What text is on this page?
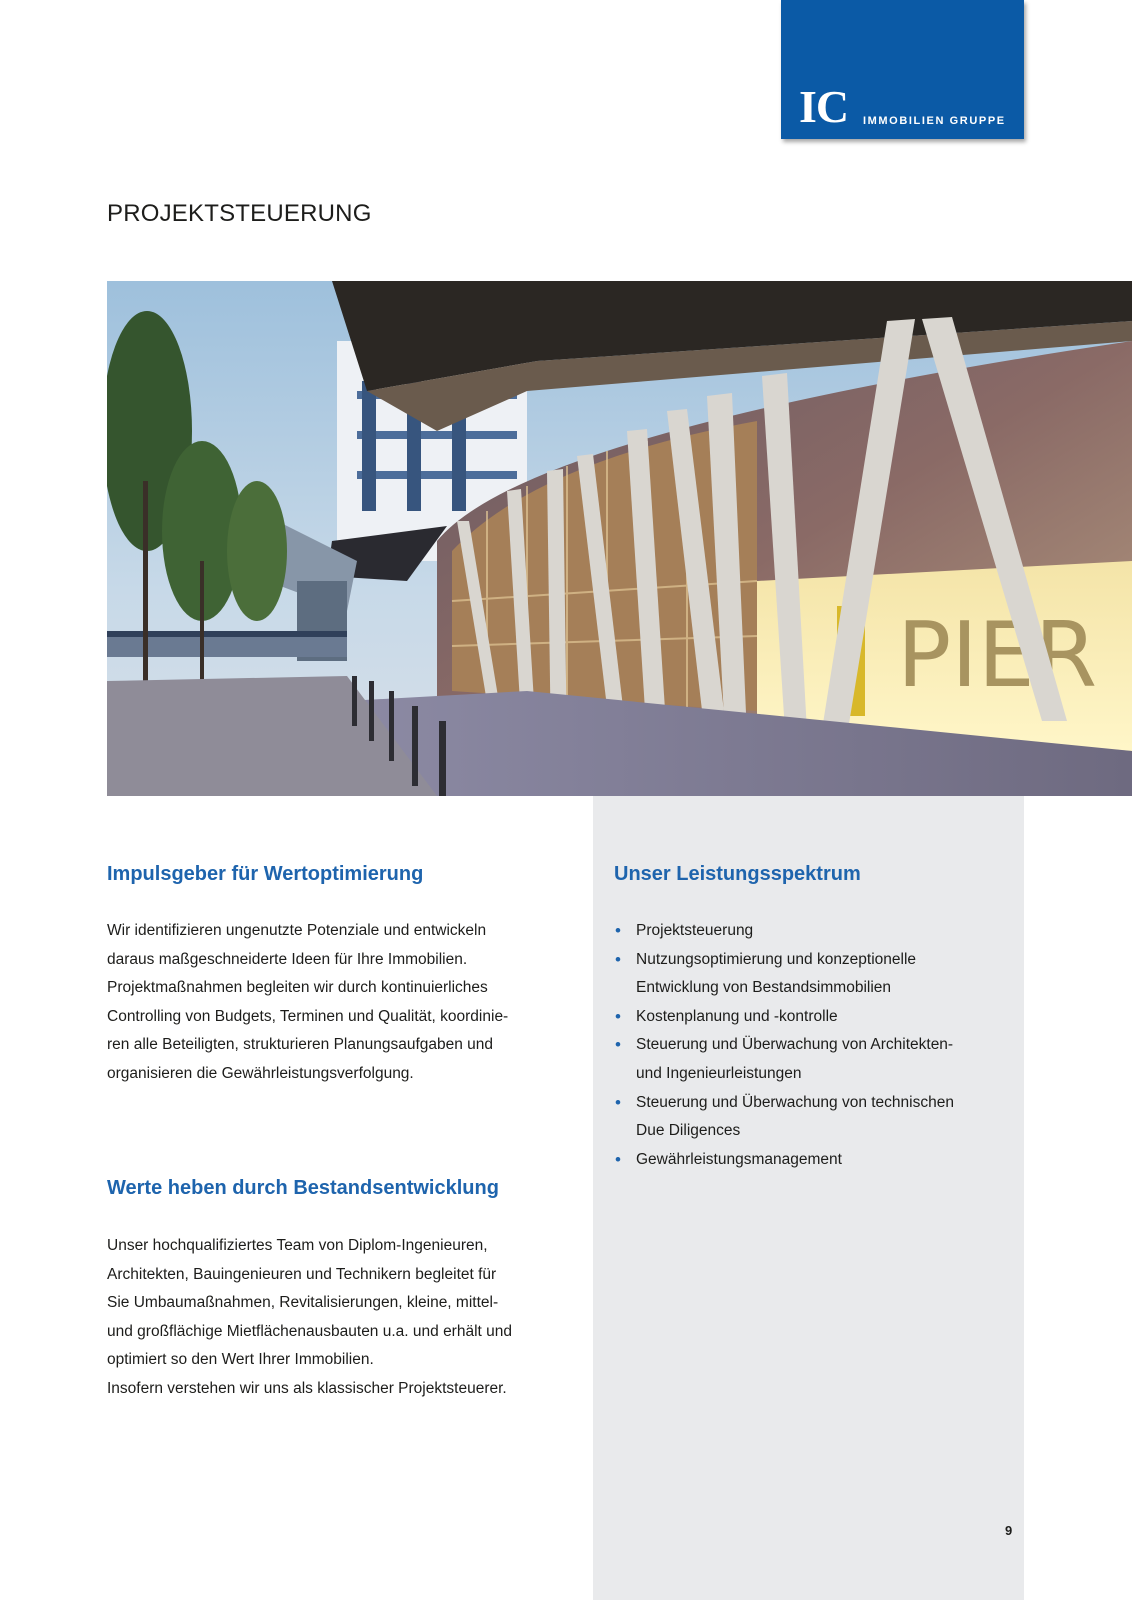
IC IMMOBILIEN GRUPPE
PROJEKTSTEUERUNG
PIER
Impulsgeber für Wertoptimierung
Wir identifizieren ungenutzte Potenziale und entwickeln
daraus maßgeschneiderte Ideen für Ihre Immobilien.
Projektmaßnahmen begleiten wir durch kontinuierliches
Controlling von Budgets, Terminen und Qualität, koordinie-
ren alle Beteiligten, strukturieren Planungsaufgaben und
organisieren die Gewährleistungsverfolgung.
Werte heben durch Bestandsentwicklung
Unser hochqualifiziertes Team von Diplom-Ingenieuren,
Architekten, Bauingenieuren und Technikern begleitet für
Sie Umbaumaßnahmen, Revitalisierungen, kleine, mittel-
und großflächige Mietflächenausbauten u.a. und erhält und
optimiert so den Wert Ihrer Immobilien.
Insofern verstehen wir uns als klassischer Projektsteuerer.
Unser Leistungsspektrum
• Projektsteuerung
• Nutzungsoptimierung und konzeptionelle
Entwicklung von Bestandsimmobilien
• Kostenplanung und -kontrolle
• Steuerung und Überwachung von Architekten-
und Ingenieurleistungen
• Steuerung und Überwachung von technischen
Due Diligences
• Gewährleistungsmanagement
9
